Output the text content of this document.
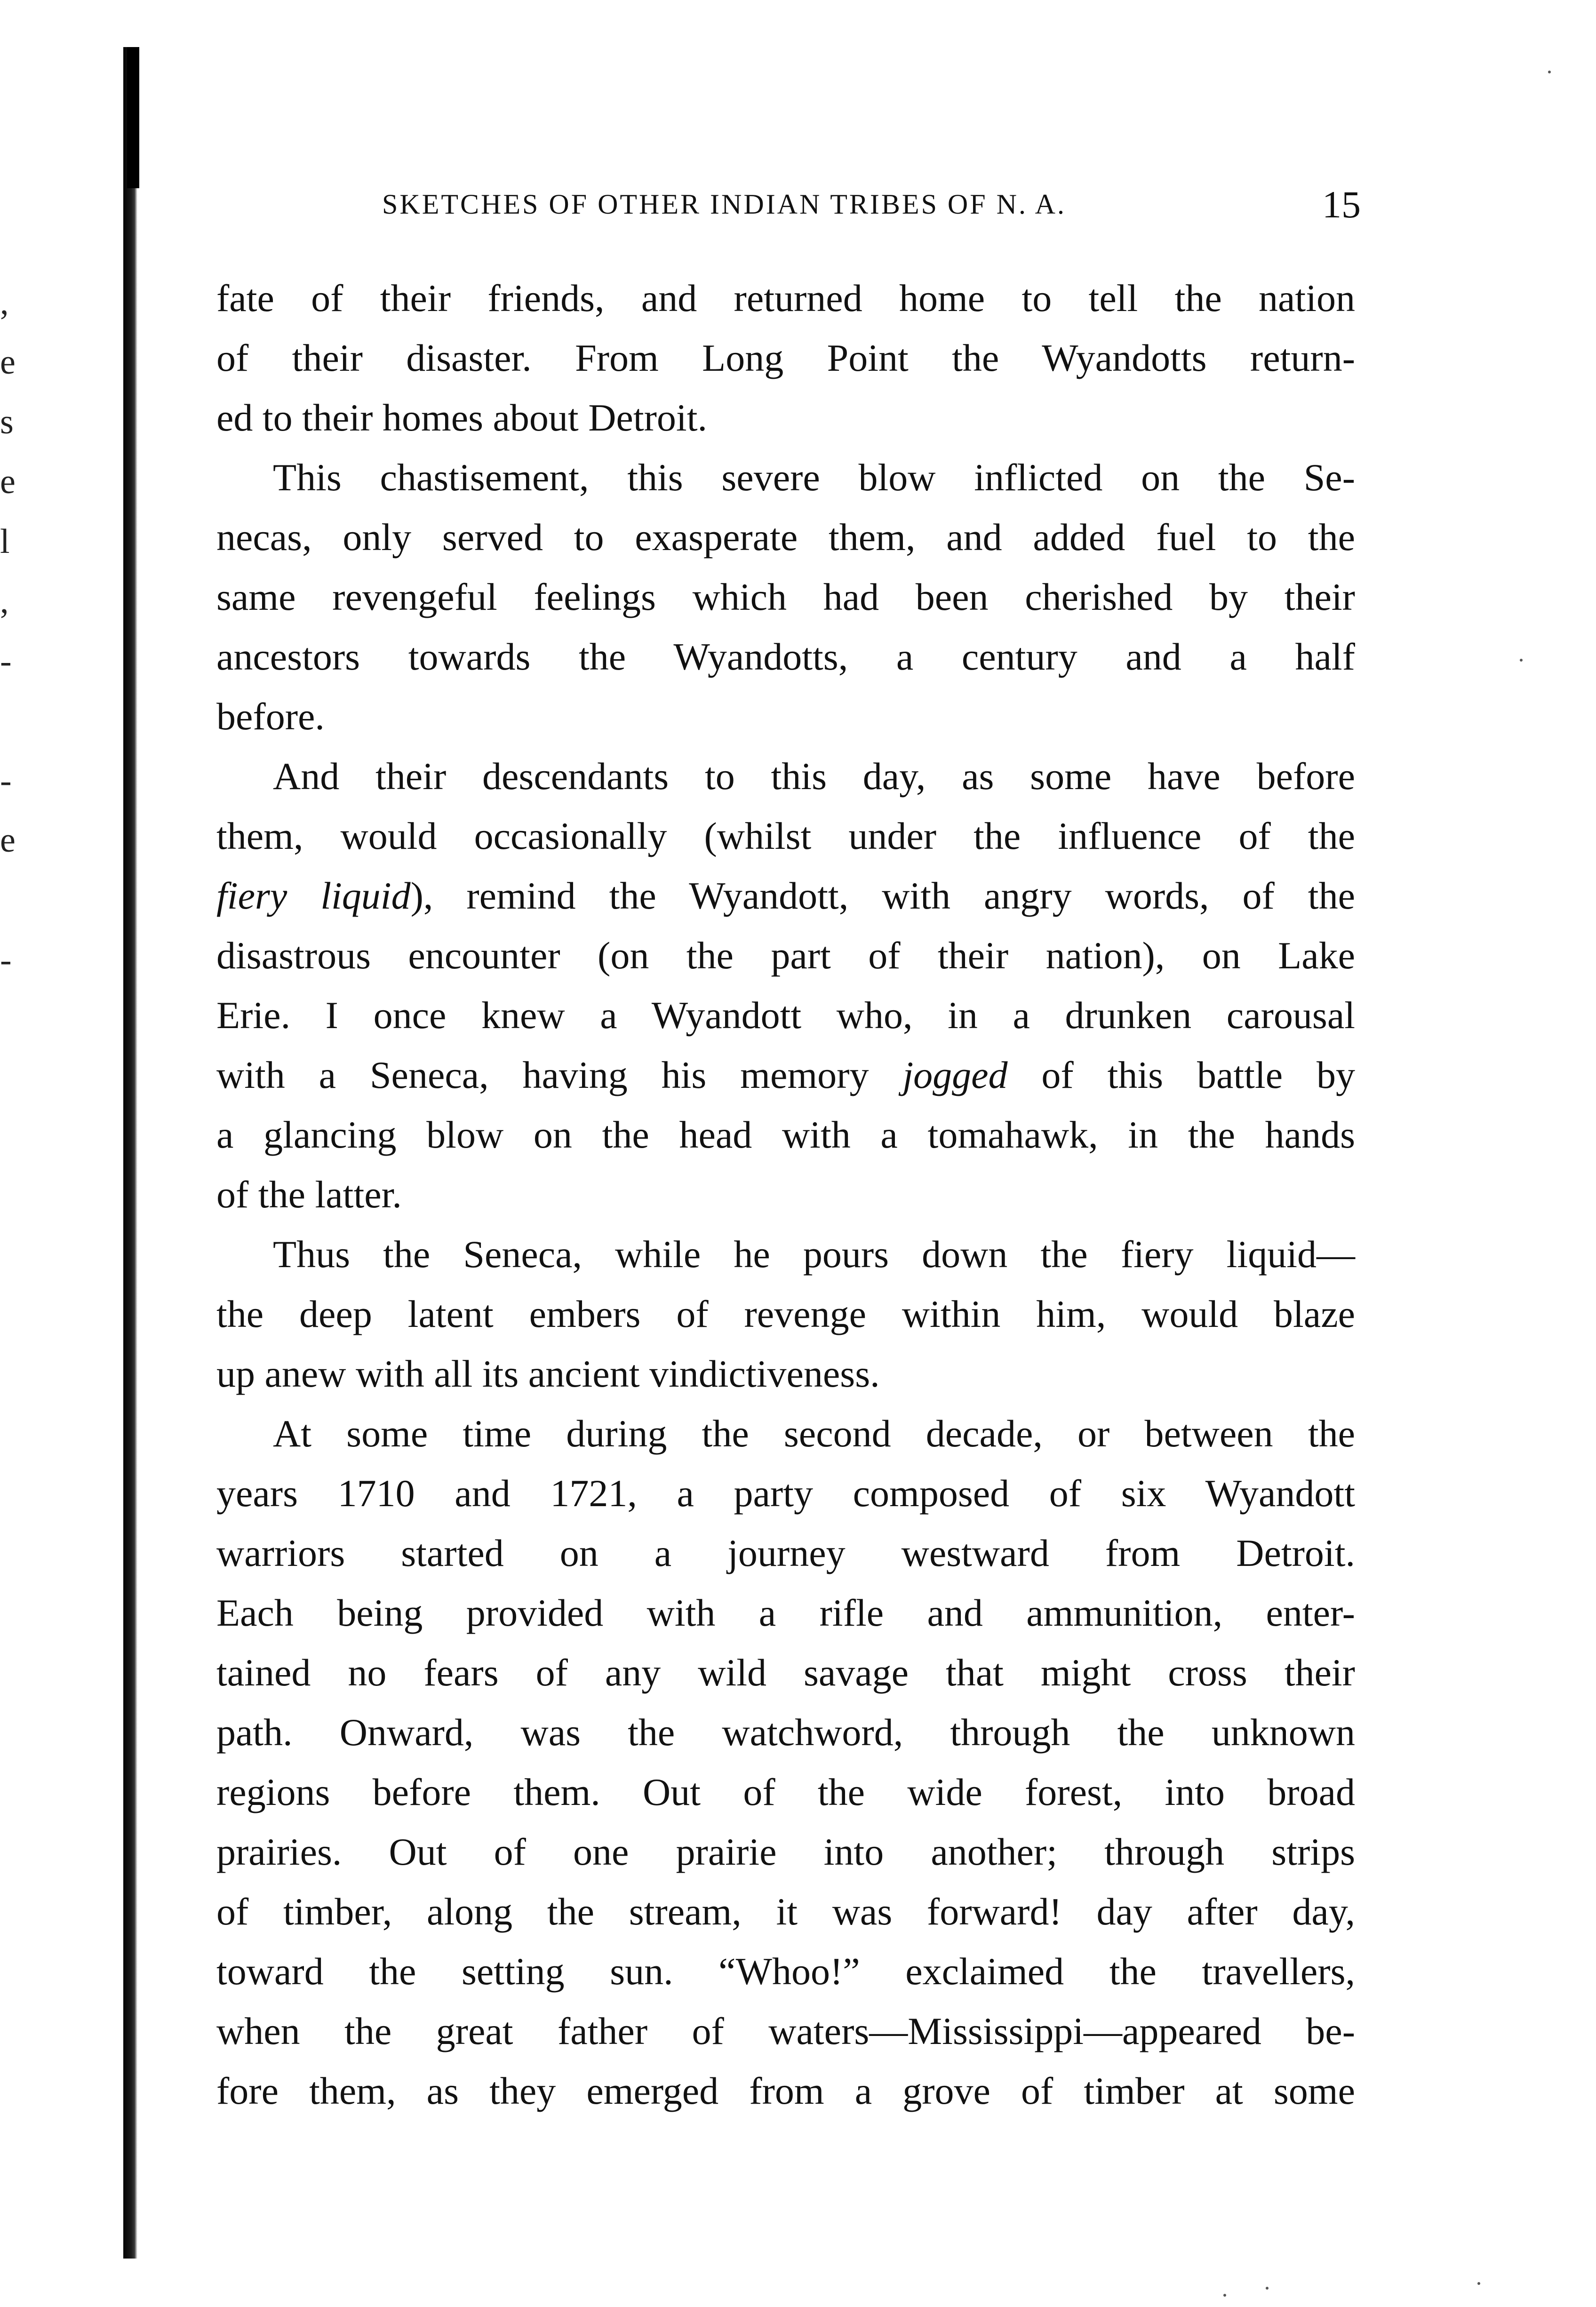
,
e
s
e
l
,
-
-
e
-
SKETCHES OF OTHER INDIAN TRIBES OF N. A.	15
fate of their friends, and returned home to tell the nation
of their disaster. From Long Point the Wyandotts return-
ed to their homes about Detroit.
This chastisement, this severe blow inflicted on the Se-
necas, only served to exasperate them, and added fuel to the
same revengeful feelings which had been cherished by their
ancestors towards the Wyandotts, a century and a half
before.
And their descendants to this day, as some have before
them, would occasionally (whilst under the influence of the
fiery liquid), remind the Wyandott, with angry words, of the
disastrous encounter (on the part of their nation), on Lake
Erie. I once knew a Wyandott who, in a drunken carousal
with a Seneca, having his memory jogged of this battle by
a glancing blow on the head with a tomahawk, in the hands
of the latter.
Thus the Seneca, while he pours down the fiery liquid—
the deep latent embers of revenge within him, would blaze
up anew with all its ancient vindictiveness.
At some time during the second decade, or between the
years 1710 and 1721, a party composed of six Wyandott
warriors started on a journey westward from Detroit.
Each being provided with a rifle and ammunition, enter-
tained no fears of any wild savage that might cross their
path. Onward, was the watchword, through the unknown
regions before them. Out of the wide forest, into broad
prairies. Out of one prairie into another; through strips
of timber, along the stream, it was forward! day after day,
toward the setting sun. “Whoo!” exclaimed the travellers,
when the great father of waters—Mississippi—appeared be-
fore them, as they emerged from a grove of timber at some
